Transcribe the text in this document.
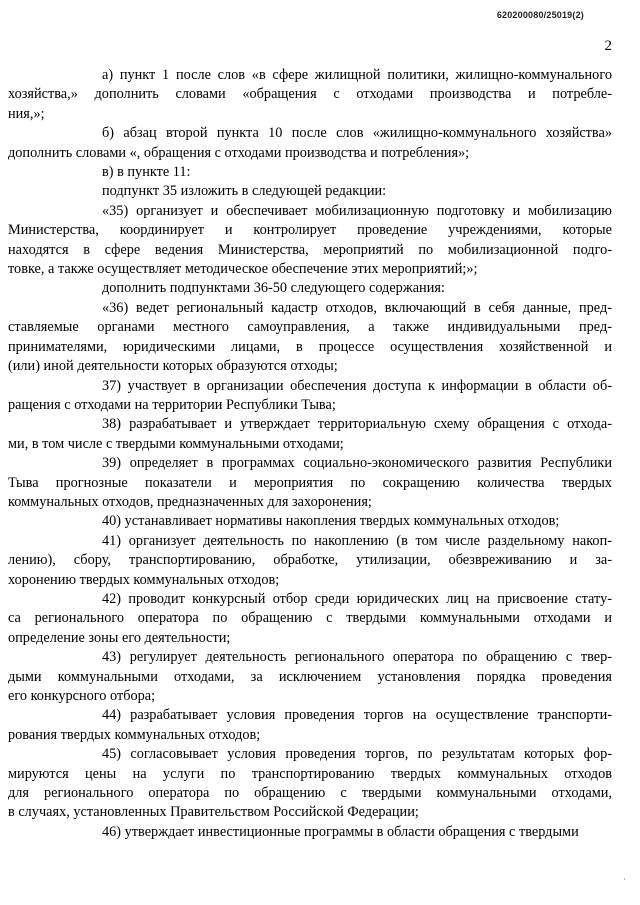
620200080/25019(2)
2
а) пункт 1 после слов «в сфере жилищной политики, жилищно-коммунального
хозяйства,» дополнить словами «обращения с отходами производства и потребле-
ния,»;
б) абзац второй пункта 10 после слов «жилищно-коммунального хозяйства»
дополнить словами «, обращения с отходами производства и потребления»;
в) в пункте 11:
подпункт 35 изложить в следующей редакции:
«35) организует и обеспечивает мобилизационную подготовку и мобилизацию
Министерства, координирует и контролирует проведение учреждениями, которые
находятся в сфере ведения Министерства, мероприятий по мобилизационной подго-
товке, а также осуществляет методическое обеспечение этих мероприятий;»;
дополнить подпунктами 36-50 следующего содержания:
«36) ведет региональный кадастр отходов, включающий в себя данные, пред-
ставляемые органами местного самоуправления, а также индивидуальными пред-
принимателями, юридическими лицами, в процессе осуществления хозяйственной и
(или) иной деятельности которых образуются отходы;
37) участвует в организации обеспечения доступа к информации в области об-
ращения с отходами на территории Республики Тыва;
38) разрабатывает и утверждает территориальную схему обращения с отхода-
ми, в том числе с твердыми коммунальными отходами;
39) определяет в программах социально-экономического развития Республики
Тыва прогнозные показатели и мероприятия по сокращению количества твердых
коммунальных отходов, предназначенных для захоронения;
40) устанавливает нормативы накопления твердых коммунальных отходов;
41) организует деятельность по накоплению (в том числе раздельному накоп-
лению), сбору, транспортированию, обработке, утилизации, обезвреживанию и за-
хоронению твердых коммунальных отходов;
42) проводит конкурсный отбор среди юридических лиц на присвоение стату-
са регионального оператора по обращению с твердыми коммунальными отходами и
определение зоны его деятельности;
43) регулирует деятельность регионального оператора по обращению с твер-
дыми коммунальными отходами, за исключением установления порядка проведения
его конкурсного отбора;
44) разрабатывает условия проведения торгов на осуществление транспорти-
рования твердых коммунальных отходов;
45) согласовывает условия проведения торгов, по результатам которых фор-
мируются цены на услуги по транспортированию твердых коммунальных отходов
для регионального оператора по обращению с твердыми коммунальными отходами,
в случаях, установленных Правительством Российской Федерации;
46) утверждает инвестиционные программы в области обращения с твердыми
·
